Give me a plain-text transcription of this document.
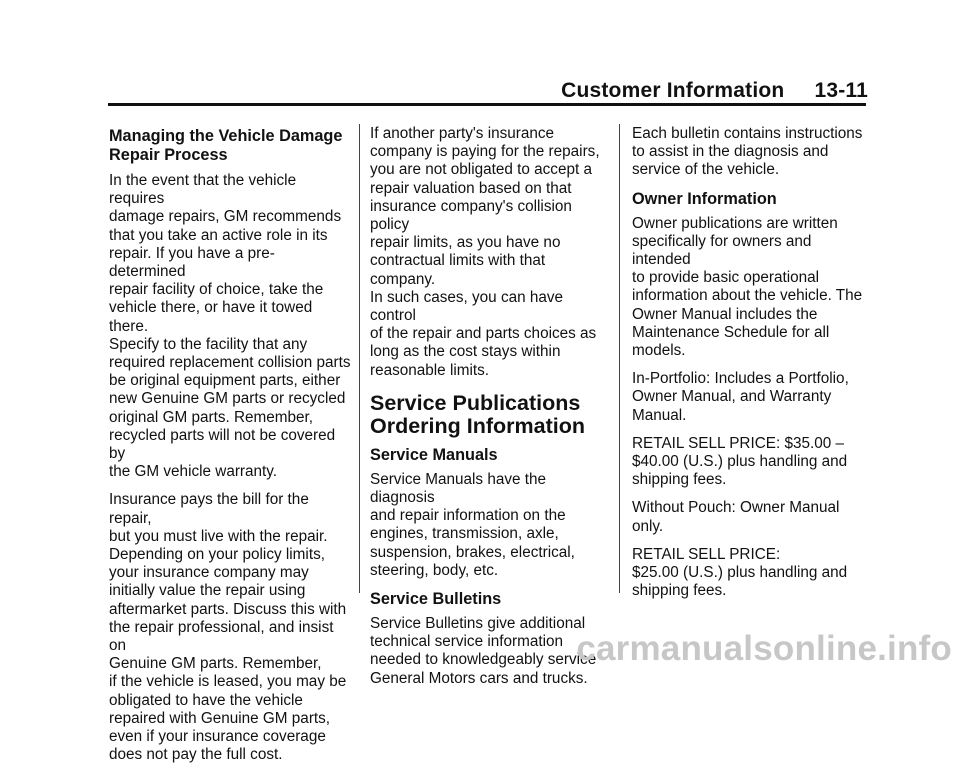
Customer Information 13-11
Managing the Vehicle Damage
Repair Process

In the event that the vehicle requires
damage repairs, GM recommends
that you take an active role in its
repair. If you have a pre-determined
repair facility of choice, take the
vehicle there, or have it towed there.
Specify to the facility that any
required replacement collision parts
be original equipment parts, either
new Genuine GM parts or recycled
original GM parts. Remember,
recycled parts will not be covered by
the GM vehicle warranty.

Insurance pays the bill for the repair,
but you must live with the repair.
Depending on your policy limits,
your insurance company may
initially value the repair using
aftermarket parts. Discuss this with
the repair professional, and insist on
Genuine GM parts. Remember,
if the vehicle is leased, you may be
obligated to have the vehicle
repaired with Genuine GM parts,
even if your insurance coverage
does not pay the full cost.

If another party's insurance
company is paying for the repairs,
you are not obligated to accept a
repair valuation based on that
insurance company's collision policy
repair limits, as you have no
contractual limits with that company.
In such cases, you can have control
of the repair and parts choices as
long as the cost stays within
reasonable limits.

Service Publications
Ordering Information
Service Manuals

Service Manuals have the diagnosis
and repair information on the
engines, transmission, axle,
suspension, brakes, electrical,
steering, body, etc.

Service Bulletins

Service Bulletins give additional
technical service information
needed to knowledgeably service
General Motors cars and trucks.

Each bulletin contains instructions
to assist in the diagnosis and
service of the vehicle.

Owner Information

Owner publications are written
specifically for owners and intended
to provide basic operational
information about the vehicle. The
Owner Manual includes the
Maintenance Schedule for all
models.

In-Portfolio: Includes a Portfolio,
Owner Manual, and Warranty
Manual.

RETAIL SELL PRICE: $35.00 –
$40.00 (U.S.) plus handling and
shipping fees.

Without Pouch: Owner Manual only.

RETAIL SELL PRICE:
$25.00 (U.S.) plus handling and
shipping fees.

carmanualsonline.info
